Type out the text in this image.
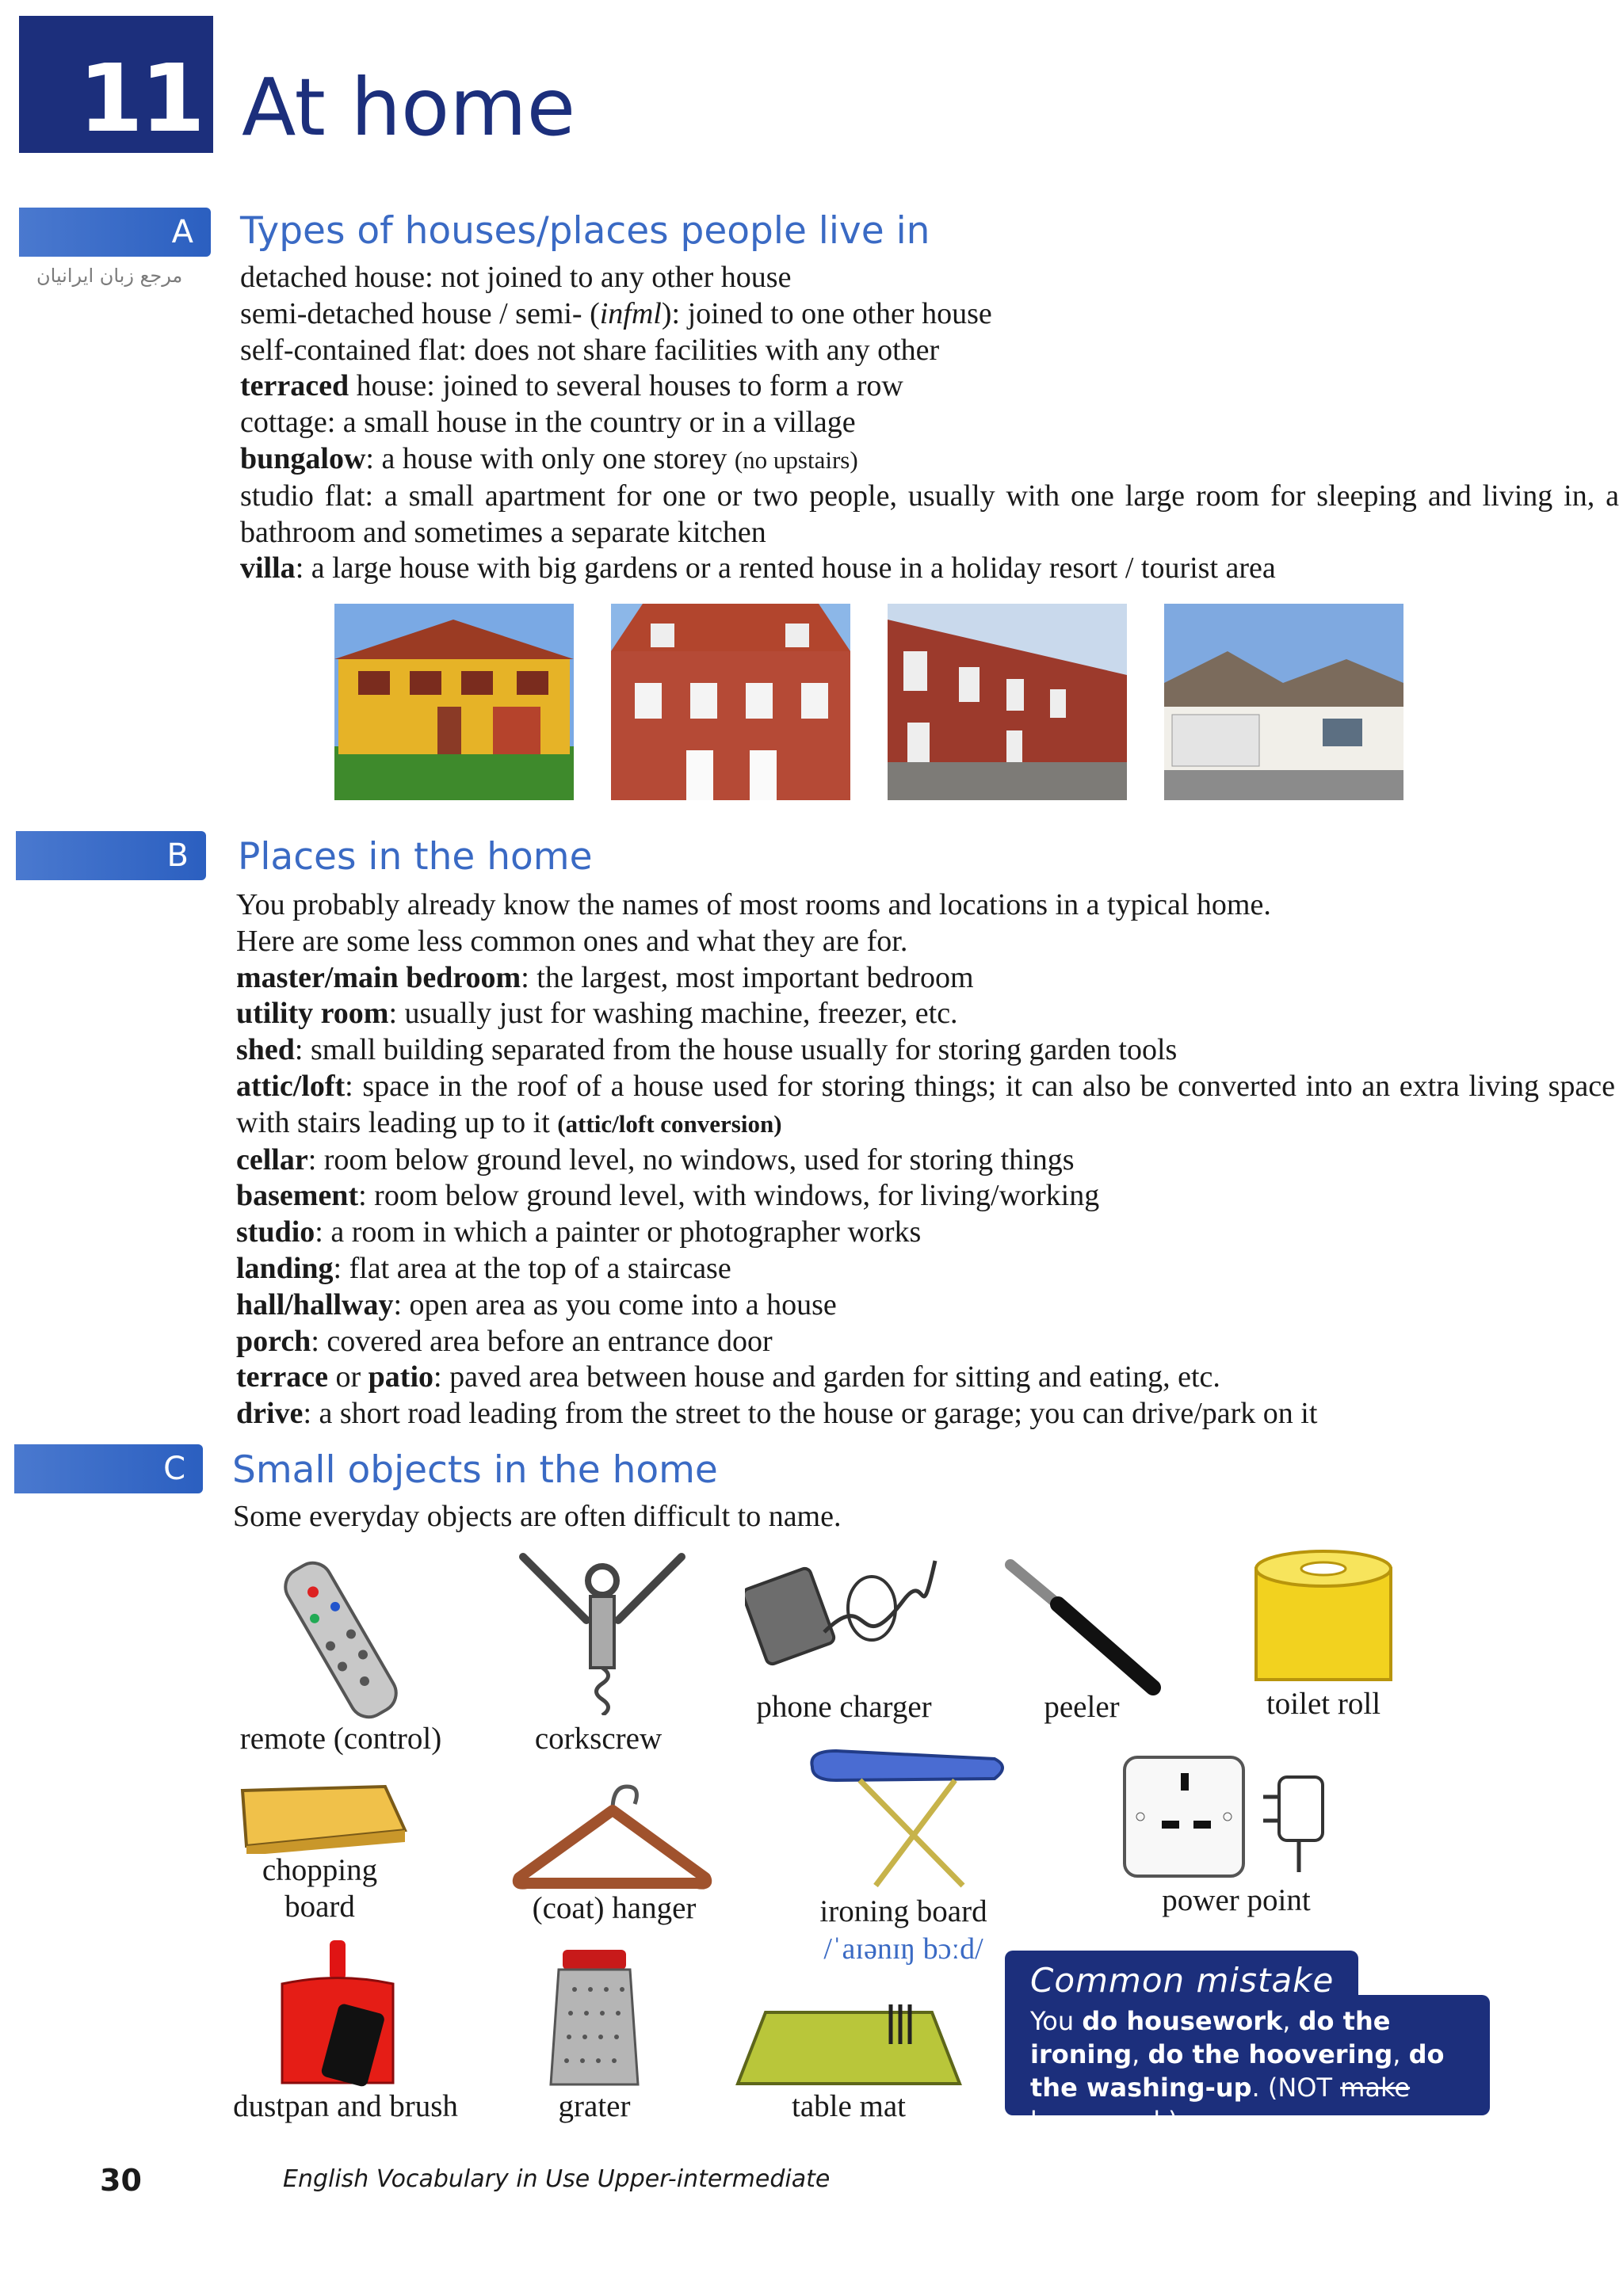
11 At home
A
مرجع زبان ایرانیان
Types of houses/places people live in

detached house: not joined to any other house

semi-detached house / semi- (infml): joined to one other house

self-contained flat: does not share facilities with any other

terraced house: joined to several houses to form a row

cottage: a small house in the country or in a village

bungalow: a house with only one storey (no upstairs)

studio flat: a small apartment for one or two people, usually with one large room for sleeping and living in, a bathroom and sometimes a separate kitchen

villa: a large house with big gardens or a rented house in a holiday resort / tourist area

B Places in the home

You probably already know the names of most rooms and locations in a typical home.

Here are some less common ones and what they are for.

master/main bedroom: the largest, most important bedroom

utility room: usually just for washing machine, freezer, etc.

shed: small building separated from the house usually for storing garden tools

attic/loft: space in the roof of a house used for storing things; it can also be converted into an extra living space with stairs leading up to it (attic/loft conversion)

cellar: room below ground level, no windows, used for storing things

basement: room below ground level, with windows, for living/working

studio: a room in which a painter or photographer works

landing: flat area at the top of a staircase

hall/hallway: open area as you come into a house

porch: covered area before an entrance door

terrace or patio: paved area between house and garden for sitting and eating, etc.

drive: a short road leading from the street to the house or garage; you can drive/park on it

C Small objects in the home

Some everyday objects are often difficult to name.

remote (control)	corkscrew
phone charger	peeler	toilet roll
chopping
board	(coat) hanger	ironing board
/ˈaɪənɪŋ bɔːd/
power point
dustpan and brush	grater	table mat
Common mistake
You do housework, do the ironing, do the hoovering, do the washing-up. (NOT make housework)
30	English Vocabulary in Use Upper-intermediate
